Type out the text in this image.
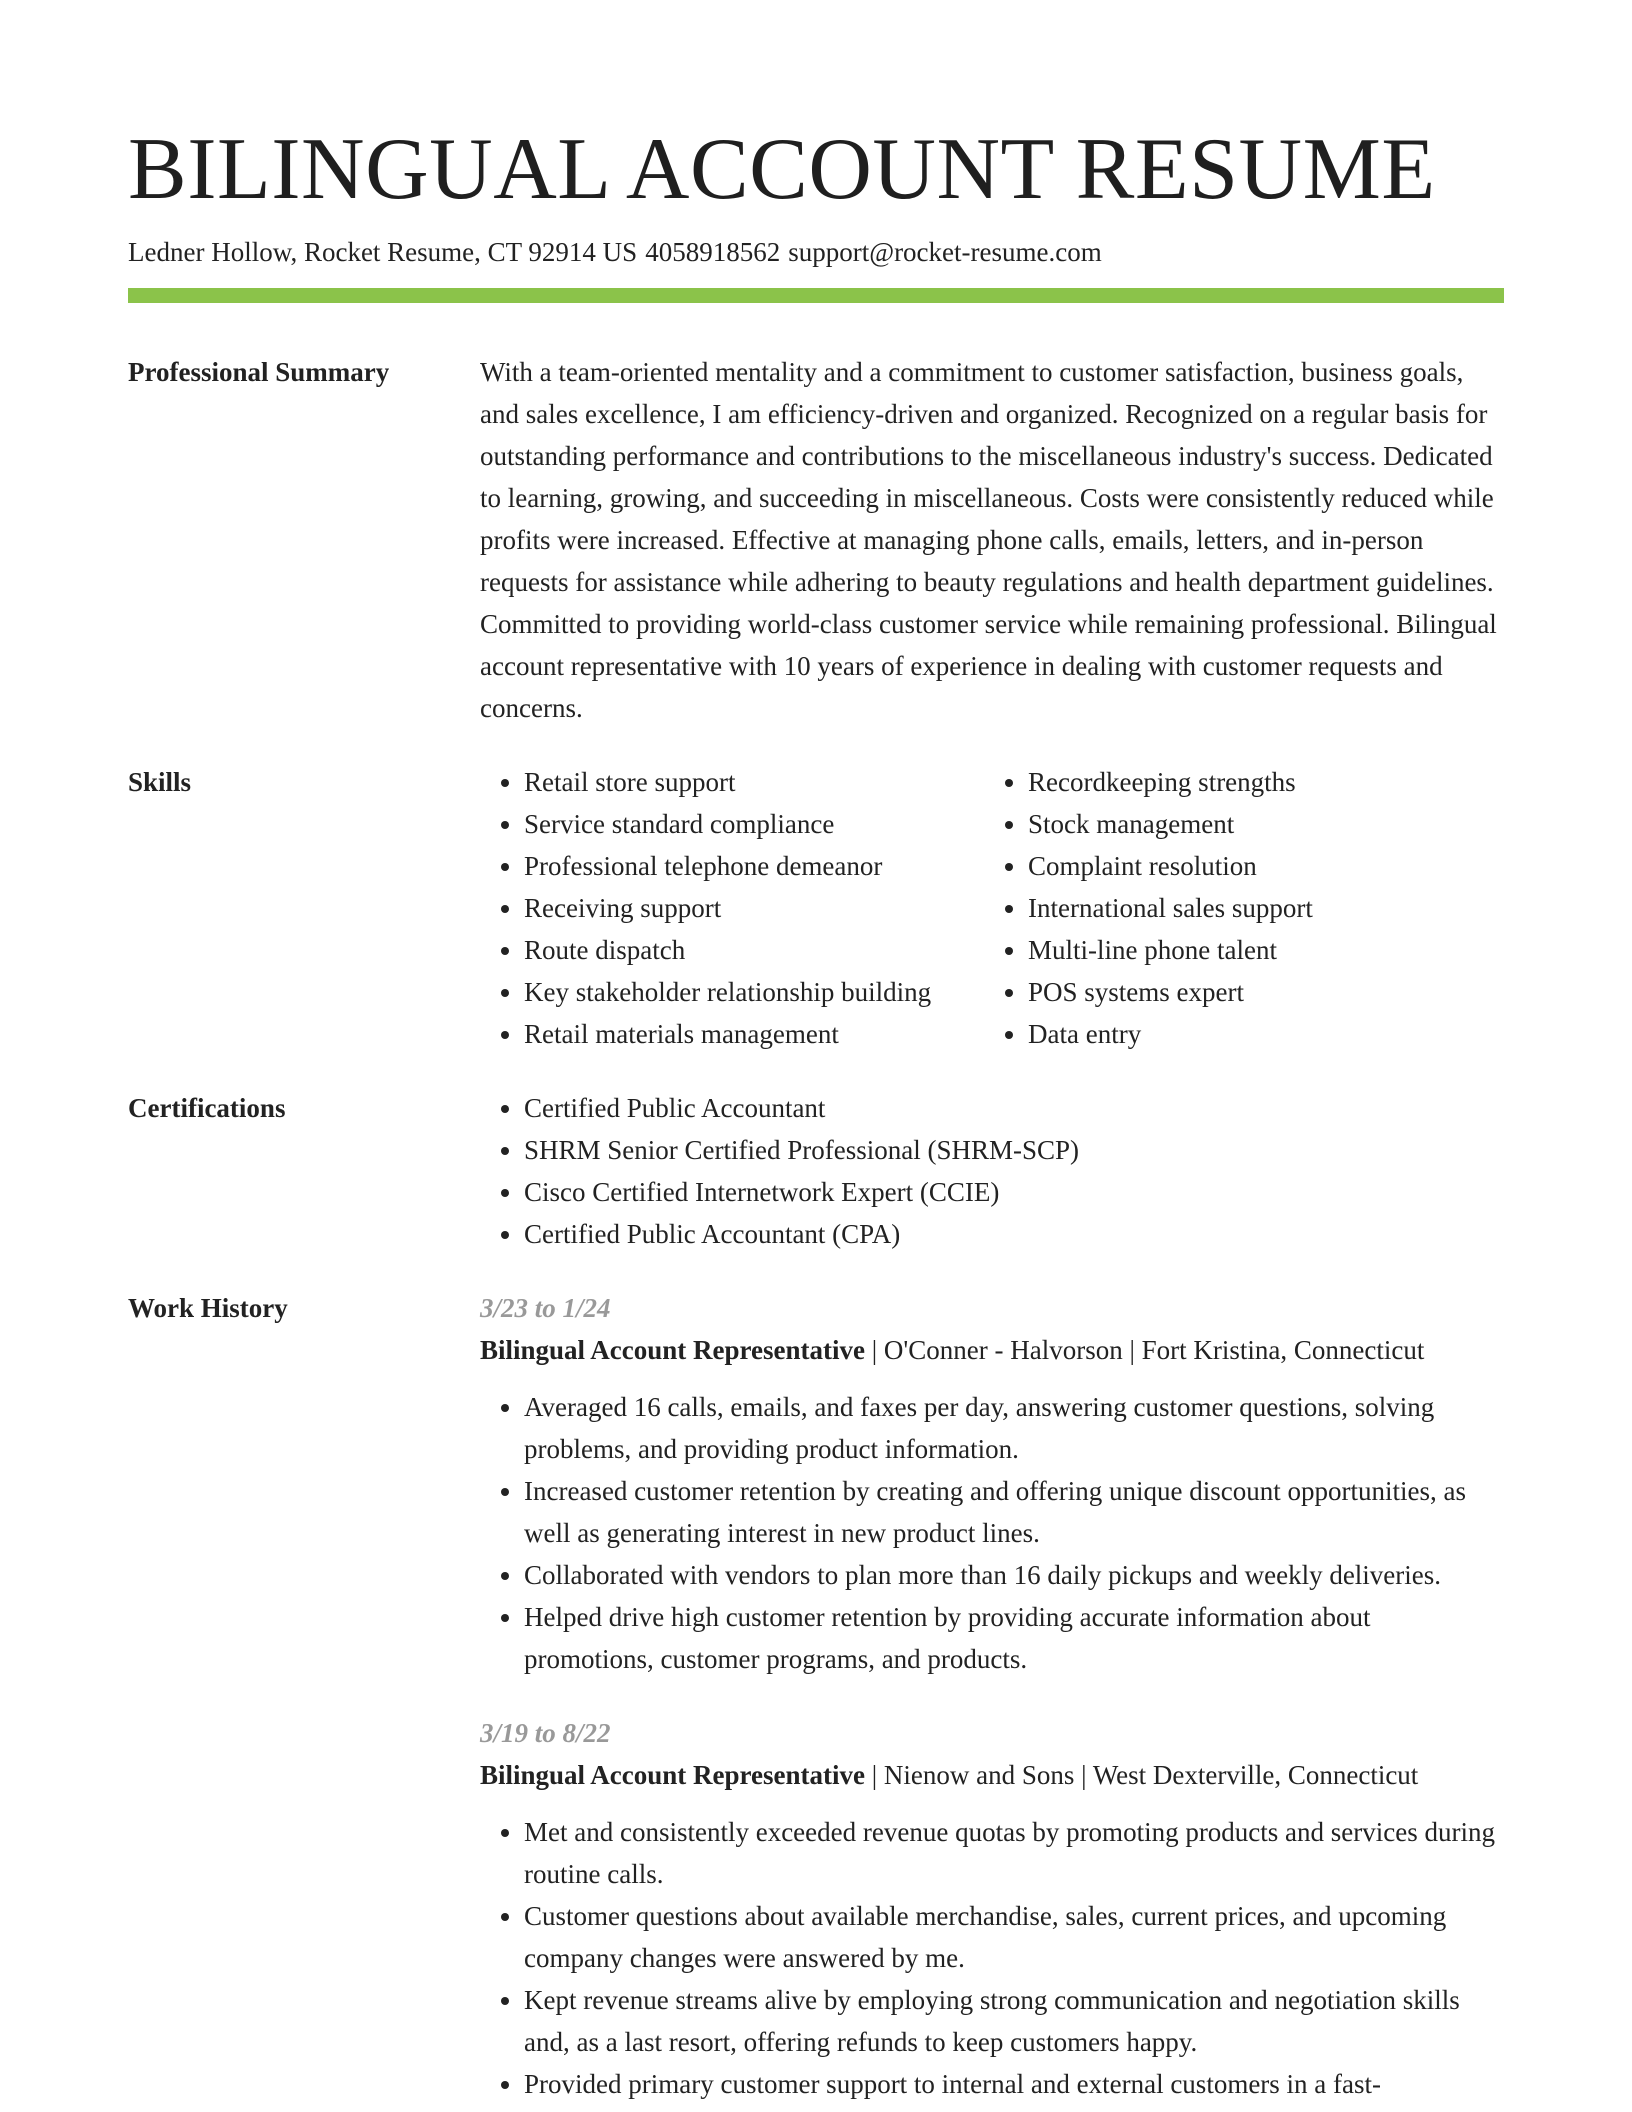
BILINGUAL ACCOUNT RESUME
Ledner Hollow, Rocket Resume, CT 92914 US 4058918562 support@rocket-resume.com
Professional Summary	With a team-oriented mentality and a commitment to customer satisfaction, business goals, and sales excellence, I am efficiency-driven and organized. Recognized on a regular basis for outstanding performance and contributions to the miscellaneous industry's success. Dedicated to learning, growing, and succeeding in miscellaneous. Costs were consistently reduced while profits were increased. Effective at managing phone calls, emails, letters, and in-person requests for assistance while adhering to beauty regulations and health department guidelines. Committed to providing world-class customer service while remaining professional. Bilingual account representative with 10 years of experience in dealing with customer requests and concerns.

Skills	• Retail store support
• Service standard compliance
• Professional telephone demeanor
• Receiving support
• Route dispatch
• Key stakeholder relationship building
• Retail materials management
• Recordkeeping strengths
• Stock management
• Complaint resolution
• International sales support
• Multi-line phone talent
• POS systems expert
• Data entry
Certifications	• Certified Public Accountant
• SHRM Senior Certified Professional (SHRM-SCP)
• Cisco Certified Internetwork Expert (CCIE)
• Certified Public Accountant (CPA)
Work History	3/23 to 1/24
Bilingual Account Representative | O'Conner - Halvorson | Fort Kristina, Connecticut
• Averaged 16 calls, emails, and faxes per day, answering customer questions, solving problems, and providing product information.
• Increased customer retention by creating and offering unique discount opportunities, as well as generating interest in new product lines.
• Collaborated with vendors to plan more than 16 daily pickups and weekly deliveries.
• Helped drive high customer retention by providing accurate information about promotions, customer programs, and products.
3/19 to 8/22
Bilingual Account Representative | Nienow and Sons | West Dexterville, Connecticut
• Met and consistently exceeded revenue quotas by promoting products and services during routine calls.
• Customer questions about available merchandise, sales, current prices, and upcoming company changes were answered by me.
• Kept revenue streams alive by employing strong communication and negotiation skills and, as a last resort, offering refunds to keep customers happy.
• Provided primary customer support to internal and external customers in a fast-
